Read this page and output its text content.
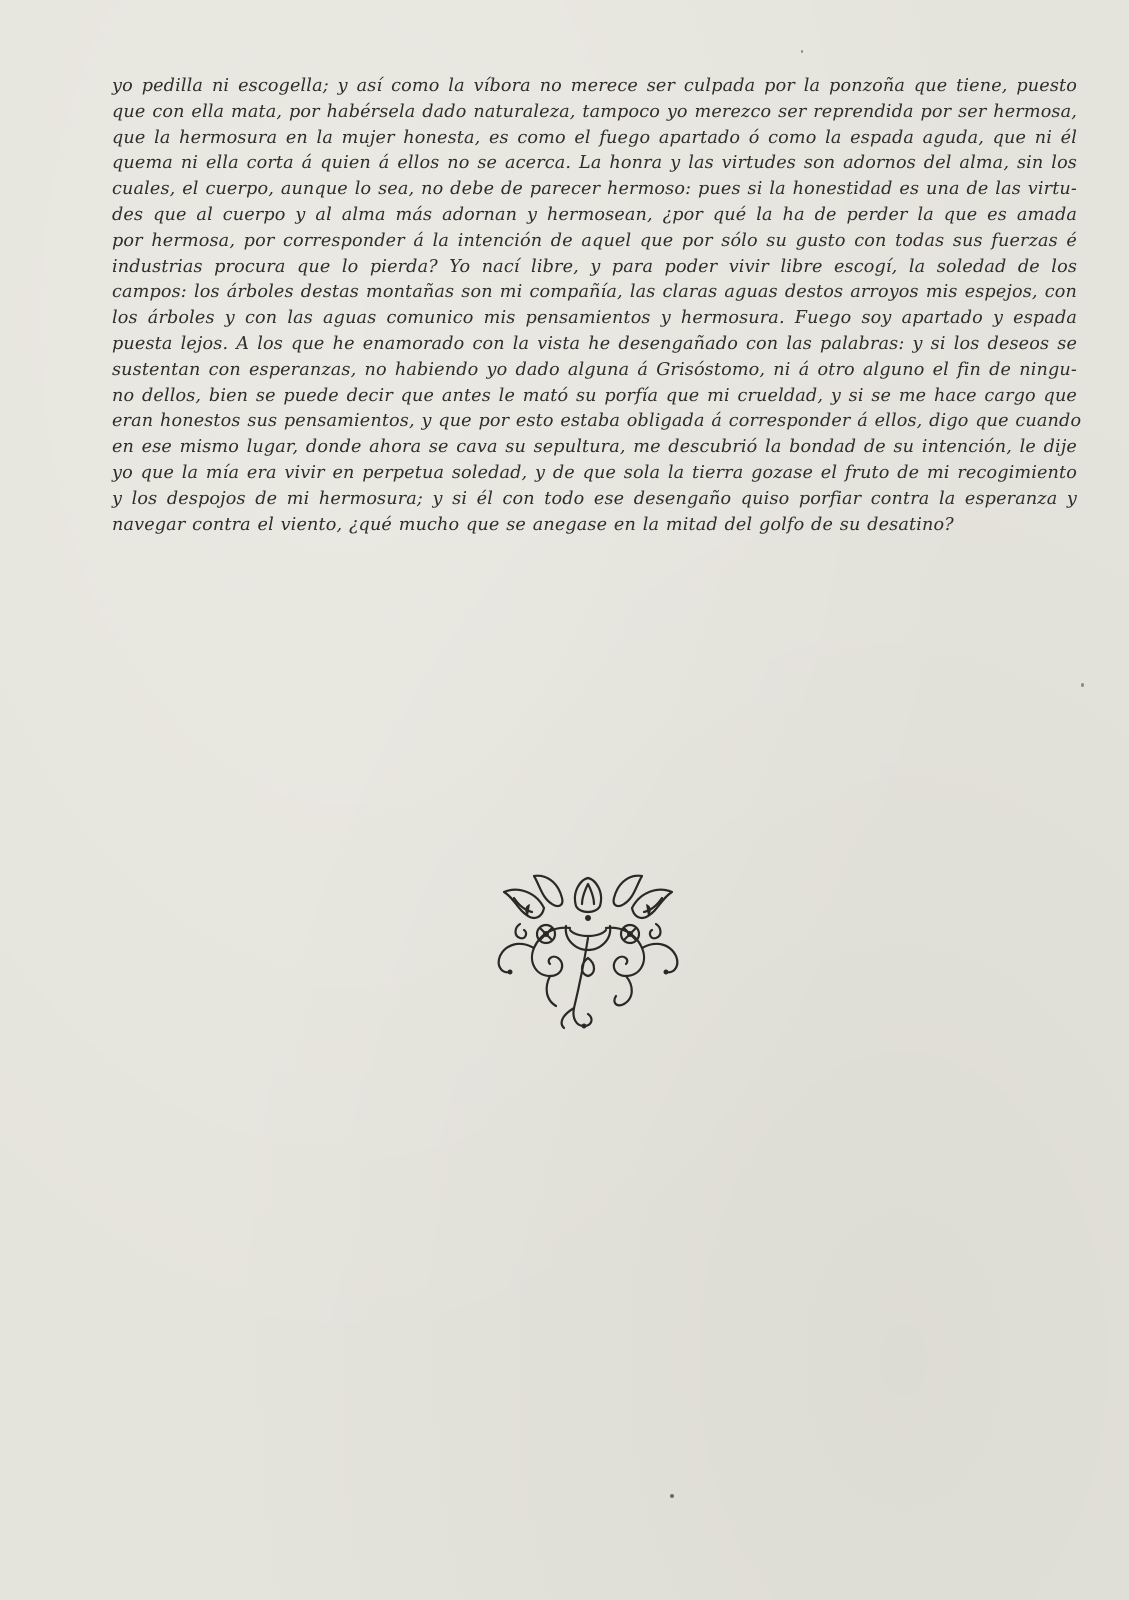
yo pedilla ni escogella; y así como la víbora no merece ser culpada por la ponzoña que tiene, puesto
que con ella mata, por habérsela dado naturaleza, tampoco yo merezco ser reprendida por ser hermosa,
que la hermosura en la mujer honesta, es como el fuego apartado ó como la espada aguda, que ni él
quema ni ella corta á quien á ellos no se acerca. La honra y las virtudes son adornos del alma, sin los
cuales, el cuerpo, aunque lo sea, no debe de parecer hermoso: pues si la honestidad es una de las virtu-
des que al cuerpo y al alma más adornan y hermosean, ¿por qué la ha de perder la que es amada
por hermosa, por corresponder á la intención de aquel que por sólo su gusto con todas sus fuerzas é
industrias procura que lo pierda? Yo nací libre, y para poder vivir libre escogí, la soledad de los
campos: los árboles destas montañas son mi compañía, las claras aguas destos arroyos mis espejos, con
los árboles y con las aguas comunico mis pensamientos y hermosura. Fuego soy apartado y espada
puesta lejos. A los que he enamorado con la vista he desengañado con las palabras: y si los deseos se
sustentan con esperanzas, no habiendo yo dado alguna á Grisóstomo, ni á otro alguno el fin de ningu-
no dellos, bien se puede decir que antes le mató su porfía que mi crueldad, y si se me hace cargo que
eran honestos sus pensamientos, y que por esto estaba obligada á corresponder á ellos, digo que cuando
en ese mismo lugar, donde ahora se cava su sepultura, me descubrió la bondad de su intención, le dije
yo que la mía era vivir en perpetua soledad, y de que sola la tierra gozase el fruto de mi recogimiento
y los despojos de mi hermosura; y si él con todo ese desengaño quiso porfiar contra la esperanza y
navegar contra el viento, ¿qué mucho que se anegase en la mitad del golfo de su desatino?
